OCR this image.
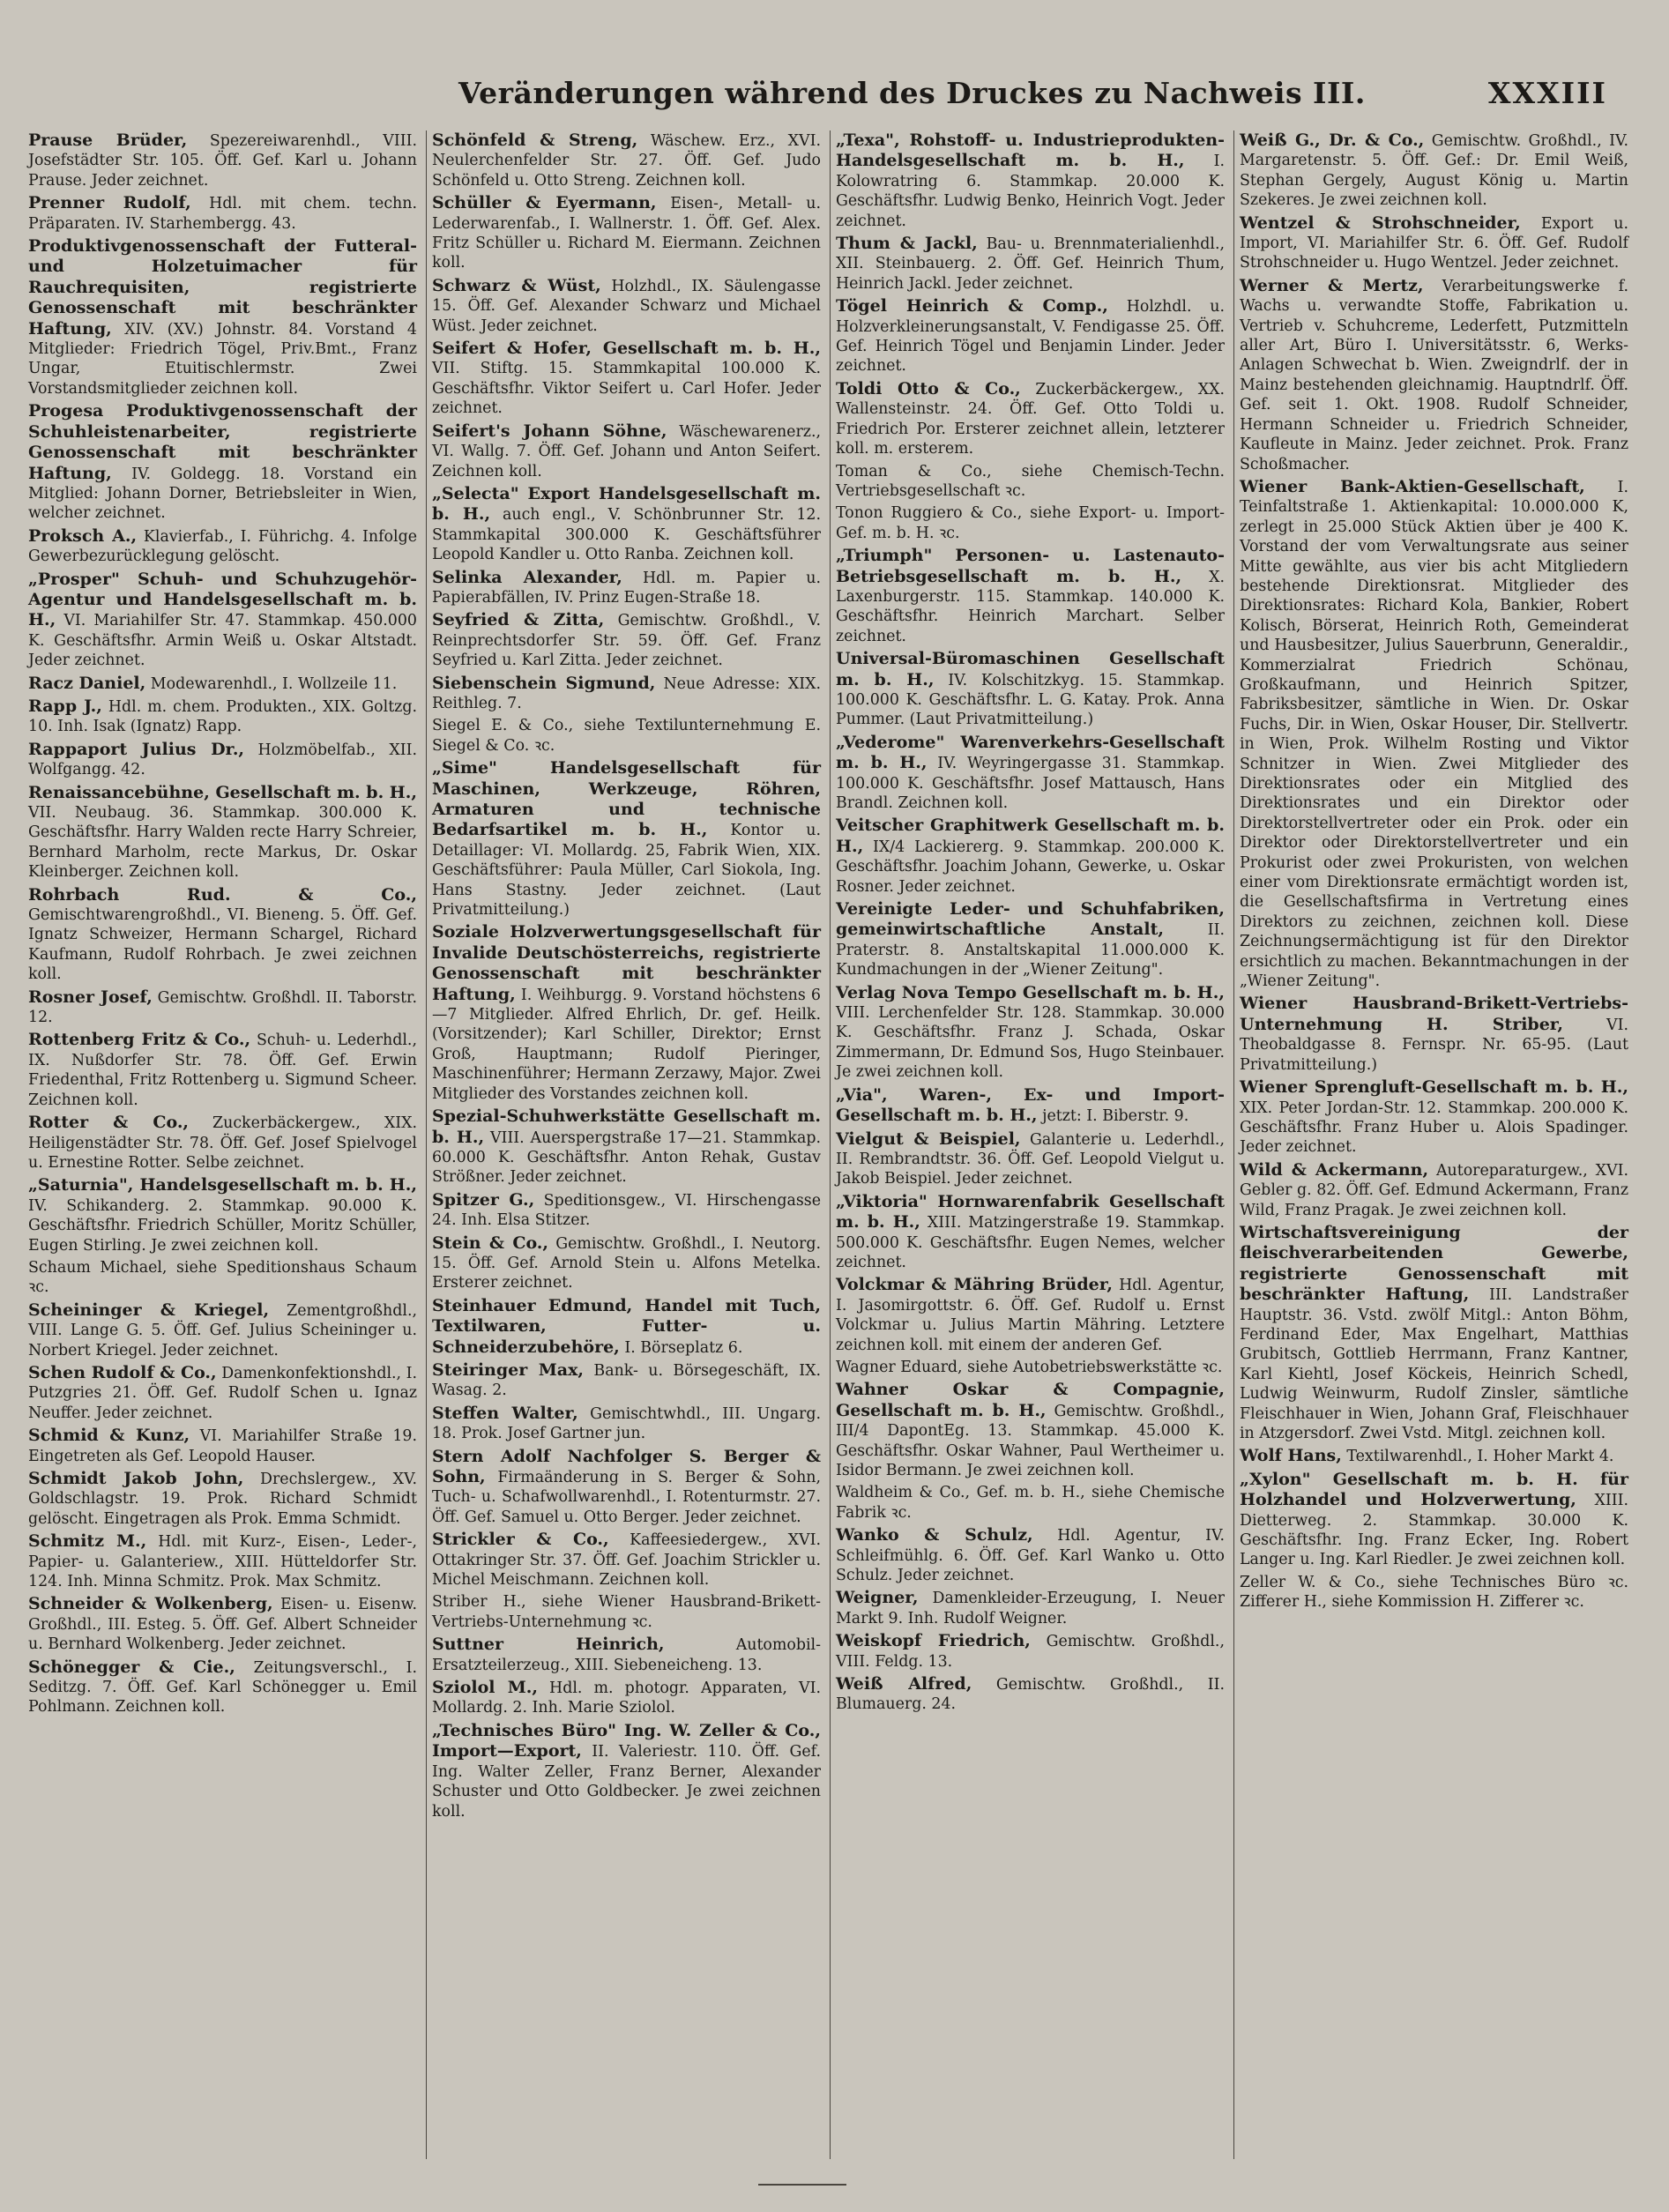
Veränderungen während des Druckes zu Nachweis III.	XXXIII

Prause Brüder, Spezereiwarenhdl., VIII. Josefstädter Str. 105. Öff. Gef. Karl u. Johann Prause. Jeder zeichnet.

Prenner Rudolf, Hdl. mit chem. techn. Präparaten. IV. Starhembergg. 43.

Produktivgenossenschaft der Futteral- und Holzetuimacher für Rauchrequisiten, registrierte Genossenschaft mit beschränkter Haftung, XIV. (XV.) Johnstr. 84. Vorstand 4 Mitglieder: Friedrich Tögel, Priv.Bmt., Franz Ungar, Etuitischlermstr. Zwei Vorstandsmitglieder zeichnen koll.

Progesa Produktivgenossenschaft der Schuhleistenarbeiter, registrierte Genossenschaft mit beschränkter Haftung, IV. Goldegg. 18. Vorstand ein Mitglied: Johann Dorner, Betriebsleiter in Wien, welcher zeichnet.

Proksch A., Klavierfab., I. Führichg. 4. Infolge Gewerbezurücklegung gelöscht.

„Prosper" Schuh- und Schuhzugehör-Agentur und Handelsgesellschaft m. b. H., VI. Mariahilfer Str. 47. Stammkap. 450.000 K. Geschäftsfhr. Armin Weiß u. Oskar Altstadt. Jeder zeichnet.

Racz Daniel, Modewarenhdl., I. Wollzeile 11.

Rapp J., Hdl. m. chem. Produkten., XIX. Goltzg. 10. Inh. Isak (Ignatz) Rapp.

Rappaport Julius Dr., Holzmöbelfab., XII. Wolfgangg. 42.

Renaissancebühne, Gesellschaft m. b. H., VII. Neubaug. 36. Stammkap. 300.000 K. Geschäftsfhr. Harry Walden recte Harry Schreier, Bernhard Marholm, recte Markus, Dr. Oskar Kleinberger. Zeichnen koll.

Rohrbach Rud. & Co., Gemischtwarengroßhdl., VI. Bieneng. 5. Öff. Gef. Ignatz Schweizer, Hermann Schargel, Richard Kaufmann, Rudolf Rohrbach. Je zwei zeichnen koll.

Rosner Josef, Gemischtw. Großhdl. II. Taborstr. 12.

Rottenberg Fritz & Co., Schuh- u. Lederhdl., IX. Nußdorfer Str. 78. Öff. Gef. Erwin Friedenthal, Fritz Rottenberg u. Sigmund Scheer. Zeichnen koll.

Rotter & Co., Zuckerbäckergew., XIX. Heiligenstädter Str. 78. Öff. Gef. Josef Spielvogel u. Ernestine Rotter. Selbe zeichnet.

„Saturnia", Handelsgesellschaft m. b. H., IV. Schikanderg. 2. Stammkap. 90.000 K. Geschäftsfhr. Friedrich Schüller, Moritz Schüller, Eugen Stirling. Je zwei zeichnen koll.

Schaum Michael, siehe Speditionshaus Schaum ꝛc.

Scheininger & Kriegel, Zementgroßhdl., VIII. Lange G. 5. Öff. Gef. Julius Scheininger u. Norbert Kriegel. Jeder zeichnet.

Schen Rudolf & Co., Damenkonfektionshdl., I. Putzgries 21. Öff. Gef. Rudolf Schen u. Ignaz Neuffer. Jeder zeichnet.

Schmid & Kunz, VI. Mariahilfer Straße 19. Eingetreten als Gef. Leopold Hauser.

Schmidt Jakob John, Drechslergew., XV. Goldschlagstr. 19. Prok. Richard Schmidt gelöscht. Eingetragen als Prok. Emma Schmidt.

Schmitz M., Hdl. mit Kurz-, Eisen-, Leder-, Papier- u. Galanteriew., XIII. Hütteldorfer Str. 124. Inh. Minna Schmitz. Prok. Max Schmitz.

Schneider & Wolkenberg, Eisen- u. Eisenw. Großhdl., III. Esteg. 5. Öff. Gef. Albert Schneider u. Bernhard Wolkenberg. Jeder zeichnet.

Schönegger & Cie., Zeitungsverschl., I. Seditzg. 7. Öff. Gef. Karl Schönegger u. Emil Pohlmann. Zeichnen koll.

Schönfeld & Streng, Wäschew. Erz., XVI. Neulerchenfelder Str. 27. Öff. Gef. Judo Schönfeld u. Otto Streng. Zeichnen koll.

Schüller & Eyermann, Eisen-, Metall- u. Lederwarenfab., I. Wallnerstr. 1. Öff. Gef. Alex. Fritz Schüller u. Richard M. Eiermann. Zeichnen koll.

Schwarz & Wüst, Holzhdl., IX. Säulengasse 15. Öff. Gef. Alexander Schwarz und Michael Wüst. Jeder zeichnet.

Seifert & Hofer, Gesellschaft m. b. H., VII. Stiftg. 15. Stammkapital 100.000 K. Geschäftsfhr. Viktor Seifert u. Carl Hofer. Jeder zeichnet.

Seifert's Johann Söhne, Wäschewarenerz., VI. Wallg. 7. Öff. Gef. Johann und Anton Seifert. Zeichnen koll.

„Selecta" Export Handelsgesellschaft m. b. H., auch engl., V. Schönbrunner Str. 12. Stammkapital 300.000 K. Geschäftsführer Leopold Kandler u. Otto Ranba. Zeichnen koll.

Selinka Alexander, Hdl. m. Papier u. Papierabfällen, IV. Prinz Eugen-Straße 18.

Seyfried & Zitta, Gemischtw. Großhdl., V. Reinprechtsdorfer Str. 59. Öff. Gef. Franz Seyfried u. Karl Zitta. Jeder zeichnet.

Siebenschein Sigmund, Neue Adresse: XIX. Reithleg. 7.

Siegel E. & Co., siehe Textilunternehmung E. Siegel & Co. ꝛc.

„Sime" Handelsgesellschaft für Maschinen, Werkzeuge, Röhren, Armaturen und technische Bedarfsartikel m. b. H., Kontor u. Detaillager: VI. Mollardg. 25, Fabrik Wien, XIX. Geschäftsführer: Paula Müller, Carl Siokola, Ing. Hans Stastny. Jeder zeichnet. (Laut Privatmitteilung.)

Soziale Holzverwertungsgesellschaft für Invalide Deutschösterreichs, registrierte Genossenschaft mit beschränkter Haftung, I. Weihburgg. 9. Vorstand höchstens 6—7 Mitglieder. Alfred Ehrlich, Dr. gef. Heilk. (Vorsitzender); Karl Schiller, Direktor; Ernst Groß, Hauptmann; Rudolf Pieringer, Maschinenführer; Hermann Zerzawy, Major. Zwei Mitglieder des Vorstandes zeichnen koll.

Spezial-Schuhwerkstätte Gesellschaft m. b. H., VIII. Auerspergstraße 17—21. Stammkap. 60.000 K. Geschäftsfhr. Anton Rehak, Gustav Strößner. Jeder zeichnet.

Spitzer G., Speditionsgew., VI. Hirschengasse 24. Inh. Elsa Stitzer.

Stein & Co., Gemischtw. Großhdl., I. Neutorg. 15. Öff. Gef. Arnold Stein u. Alfons Metelka. Ersterer zeichnet.

Steinhauer Edmund, Handel mit Tuch, Textilwaren, Futter- u. Schneiderzubehöre, I. Börseplatz 6.

Steiringer Max, Bank- u. Börsegeschäft, IX. Wasag. 2.

Steffen Walter, Gemischtwhdl., III. Ungarg. 18. Prok. Josef Gartner jun.

Stern Adolf Nachfolger S. Berger & Sohn, Firmaänderung in S. Berger & Sohn, Tuch- u. Schafwollwarenhdl., I. Rotenturmstr. 27. Öff. Gef. Samuel u. Otto Berger. Jeder zeichnet.

Strickler & Co., Kaffeesiedergew., XVI. Ottakringer Str. 37. Öff. Gef. Joachim Strickler u. Michel Meischmann. Zeichnen koll.

Striber H., siehe Wiener Hausbrand-Brikett-Vertriebs-Unternehmung ꝛc.

Suttner Heinrich,	Automobil-Ersatzteilerzeug., XIII. Siebeneicheng. 13.

Sziolol M., Hdl. m. photogr. Apparaten, VI. Mollardg. 2. Inh. Marie Sziolol.

„Technisches Büro" Ing. W. Zeller & Co., Import—Export, II. Valeriestr. 110. Öff. Gef. Ing. Walter Zeller, Franz Berner, Alexander Schuster und Otto Goldbecker. Je zwei zeichnen koll.

„Texa", Rohstoff- u. Industrieprodukten-Handelsgesellschaft m. b. H., I. Kolowratring 6. Stammkap. 20.000 K. Geschäftsfhr. Ludwig Benko, Heinrich Vogt. Jeder zeichnet.

Thum & Jackl, Bau- u. Brennmaterialienhdl., XII. Steinbauerg. 2. Öff. Gef. Heinrich Thum, Heinrich Jackl. Jeder zeichnet.

Tögel Heinrich & Comp., Holzhdl. u. Holzverkleinerungsanstalt, V. Fendigasse 25. Öff. Gef. Heinrich Tögel und Benjamin Linder. Jeder zeichnet.

Toldi Otto & Co., Zuckerbäckergew., XX. Wallensteinstr. 24. Öff. Gef. Otto Toldi u. Friedrich Por. Ersterer zeichnet allein, letzterer koll. m. ersterem.

Toman & Co., siehe Chemisch-Techn. Vertriebsgesellschaft ꝛc.

Tonon Ruggiero & Co., siehe Export- u. Import-Gef. m. b. H. ꝛc.

„Triumph" Personen- u. Lastenauto-Betriebsgesellschaft m. b. H., X. Laxenburgerstr. 115. Stammkap. 140.000 K. Geschäftsfhr. Heinrich Marchart. Selber zeichnet.

Universal-Büromaschinen Gesellschaft m. b. H., IV. Kolschitzkyg. 15. Stammkap. 100.000 K. Geschäftsfhr. L. G. Katay. Prok. Anna Pummer. (Laut Privatmitteilung.)

„Vederome" Warenverkehrs-Gesellschaft m. b. H., IV. Weyringergasse 31. Stammkap. 100.000 K. Geschäftsfhr. Josef Mattausch, Hans Brandl. Zeichnen koll.

Veitscher Graphitwerk Gesellschaft m. b. H., IX/4 Lackiererg. 9. Stammkap. 200.000 K. Geschäftsfhr. Joachim Johann, Gewerke, u. Oskar Rosner. Jeder zeichnet.

Vereinigte Leder- und Schuhfabriken, gemeinwirtschaftliche Anstalt,	II. Praterstr. 8. Anstaltskapital 11.000.000 K. Kundmachungen in der „Wiener Zeitung".

Verlag Nova Tempo Gesellschaft m. b. H., VIII. Lerchenfelder Str. 128. Stammkap. 30.000 K. Geschäftsfhr. Franz J. Schada, Oskar Zimmermann, Dr. Edmund Sos, Hugo Steinbauer. Je zwei zeichnen koll.

„Via", Waren-, Ex- und Import-Gesellschaft m. b. H., jetzt: I. Biberstr. 9.

Vielgut & Beispiel, Galanterie u. Lederhdl., II. Rembrandtstr. 36. Öff. Gef. Leopold Vielgut u. Jakob Beispiel. Jeder zeichnet.

„Viktoria" Hornwarenfabrik Gesellschaft m. b. H., XIII. Matzingerstraße 19. Stammkap. 500.000 K. Geschäftsfhr. Eugen Nemes, welcher zeichnet.

Volckmar & Mähring Brüder, Hdl. Agentur, I. Jasomirgottstr. 6. Öff. Gef. Rudolf u. Ernst Volckmar u. Julius Martin Mähring. Letztere zeichnen koll. mit einem der anderen Gef.

Wagner Eduard, siehe Autobetriebswerkstätte ꝛc.

Wahner Oskar & Compagnie, Gesellschaft m. b. H., Gemischtw. Großhdl., III/4 DapontEg. 13. Stammkap. 45.000 K. Geschäftsfhr. Oskar Wahner, Paul Wertheimer u. Isidor Bermann. Je zwei zeichnen koll.

Waldheim & Co., Gef. m. b. H., siehe Chemische Fabrik ꝛc.

Wanko & Schulz, Hdl. Agentur, IV. Schleifmühlg. 6. Öff. Gef. Karl Wanko u. Otto Schulz. Jeder zeichnet.

Weigner, Damenkleider-Erzeugung, I. Neuer Markt 9. Inh. Rudolf Weigner.

Weiskopf Friedrich, Gemischtw. Großhdl., VIII. Feldg. 13.

Weiß Alfred, Gemischtw. Großhdl., II. Blumauerg. 24.

Weiß G., Dr. & Co., Gemischtw. Großhdl., IV. Margaretenstr. 5. Öff. Gef.: Dr. Emil Weiß, Stephan Gergely, August König u. Martin Szekeres. Je zwei zeichnen koll.

Wentzel & Strohschneider, Export u. Import, VI. Mariahilfer Str. 6. Öff. Gef. Rudolf Strohschneider u. Hugo Wentzel. Jeder zeichnet.

Werner & Mertz, Verarbeitungswerke f. Wachs u. verwandte Stoffe, Fabrikation u. Vertrieb v. Schuhcreme, Lederfett, Putzmitteln aller Art, Büro I. Universitätsstr. 6, Werks-Anlagen Schwechat b. Wien. Zweigndrlf. der in Mainz bestehenden gleichnamig. Hauptndrlf. Öff. Gef. seit 1. Okt. 1908. Rudolf Schneider, Hermann Schneider u. Friedrich Schneider, Kaufleute in Mainz. Jeder zeichnet. Prok. Franz Schoßmacher.

Wiener Bank-Aktien-Gesellschaft, I. Teinfaltstraße 1. Aktienkapital: 10.000.000 K, zerlegt in 25.000 Stück Aktien über je 400 K. Vorstand der vom Verwaltungsrate aus seiner Mitte gewählte, aus vier bis acht Mitgliedern bestehende Direktionsrat. Mitglieder des Direktionsrates: Richard Kola, Bankier, Robert Kolisch, Börserat, Heinrich Roth, Gemeinderat und Hausbesitzer, Julius Sauerbrunn, Generaldir., Kommerzialrat Friedrich Schönau, Großkaufmann, und Heinrich Spitzer, Fabriksbesitzer, sämtliche in Wien. Dr. Oskar Fuchs, Dir. in Wien, Oskar Houser, Dir. Stellvertr. in Wien, Prok. Wilhelm Rosting und Viktor Schnitzer in Wien. Zwei Mitglieder des Direktionsrates oder ein Mitglied des Direktionsrates und ein Direktor oder Direktorstellvertreter oder ein Prok. oder ein Direktor oder Direktorstellvertreter und ein Prokurist oder zwei Prokuristen, von welchen einer vom Direktionsrate ermächtigt worden ist, die Gesellschaftsfirma in Vertretung eines Direktors zu zeichnen, zeichnen koll. Diese Zeichnungsermächtigung ist für den Direktor ersichtlich zu machen. Bekanntmachungen in der „Wiener Zeitung".

Wiener Hausbrand-Brikett-Vertriebs-Unternehmung H. Striber,	VI. Theobaldgasse 8. Fernspr. Nr. 65-95. (Laut Privatmitteilung.)

Wiener Sprengluft-Gesellschaft m. b. H., XIX. Peter Jordan-Str. 12. Stammkap. 200.000 K. Geschäftsfhr. Franz Huber u. Alois Spadinger. Jeder zeichnet.

Wild & Ackermann, Autoreparaturgew., XVI. Gebler g. 82. Öff. Gef. Edmund Ackermann, Franz Wild, Franz Pragak. Je zwei zeichnen koll.

Wirtschaftsvereinigung der fleischverarbeitenden Gewerbe, registrierte Genossenschaft mit beschränkter Haftung, III. Landstraßer Hauptstr. 36. Vstd. zwölf Mitgl.: Anton Böhm, Ferdinand Eder, Max Engelhart, Matthias Grubitsch, Gottlieb Herrmann, Franz Kantner, Karl Kiehtl, Josef Köckeis, Heinrich Schedl, Ludwig Weinwurm, Rudolf Zinsler, sämtliche Fleischhauer in Wien, Johann Graf, Fleischhauer in Atzgersdorf. Zwei Vstd. Mitgl. zeichnen koll.

Wolf Hans, Textilwarenhdl., I. Hoher Markt 4.

„Xylon" Gesellschaft m. b. H. für Holzhandel und Holzverwertung, XIII. Dietterweg. 2. Stammkap. 30.000 K. Geschäftsfhr. Ing. Franz Ecker, Ing. Robert Langer u. Ing. Karl Riedler. Je zwei zeichnen koll.

Zeller W. & Co., siehe Technisches Büro ꝛc. Zifferer H., siehe Kommission H. Zifferer ꝛc.
